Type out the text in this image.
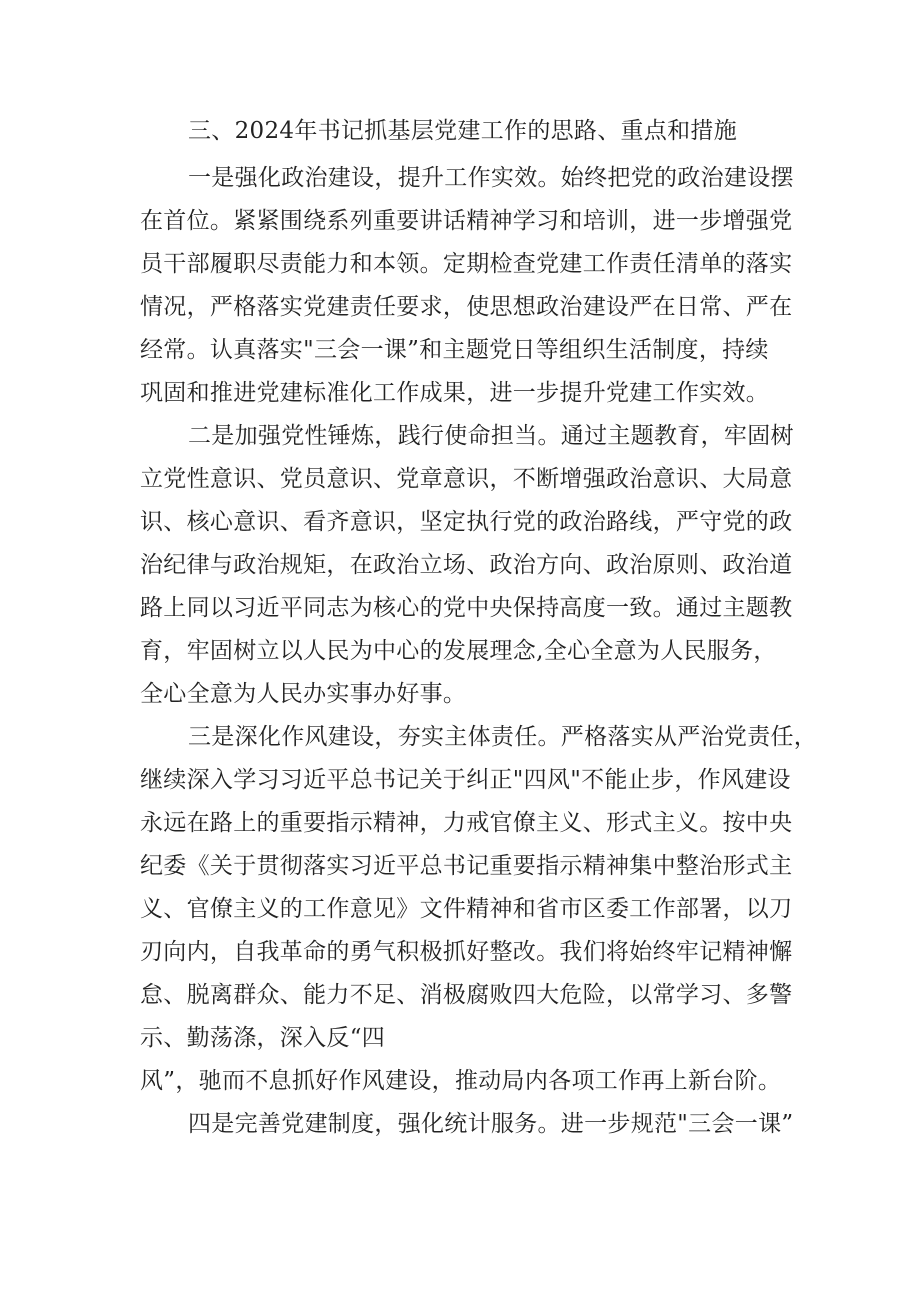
三、2024年书记抓基层党建工作的思路、重点和措施
一是强化政治建设，提升工作实效。始终把党的政治建设摆
在首位。紧紧围绕系列重要讲话精神学习和培训，进一步增强党
员干部履职尽责能力和本领。定期检查党建工作责任清单的落实
情况，严格落实党建责任要求，使思想政治建设严在日常、严在
经常。认真落实"三会一课”和主题党日等组织生活制度，持续
巩固和推进党建标准化工作成果，进一步提升党建工作实效。
二是加强党性锤炼，践行使命担当。通过主题教育，牢固树
立党性意识、党员意识、党章意识，不断增强政治意识、大局意
识、核心意识、看齐意识，坚定执行党的政治路线，严守党的政
治纪律与政治规矩，在政治立场、政治方向、政治原则、政治道
路上同以习近平同志为核心的党中央保持高度一致。通过主题教
育，牢固树立以人民为中心的发展理念,全心全意为人民服务，
全心全意为人民办实事办好事。
三是深化作风建设，夯实主体责任。严格落实从严治党责任，
继续深入学习习近平总书记关于纠正"四风"不能止步，作风建设
永远在路上的重要指示精神，力戒官僚主义、形式主义。按中央
纪委《关于贯彻落实习近平总书记重要指示精神集中整治形式主
义、官僚主义的工作意见》文件精神和省市区委工作部署，以刀
刃向内，自我革命的勇气积极抓好整改。我们将始终牢记精神懈
怠、脱离群众、能力不足、消极腐败四大危险，以常学习、多警
示、勤荡涤，深入反“四
风”，驰而不息抓好作风建设，推动局内各项工作再上新台阶。
四是完善党建制度，强化统计服务。进一步规范"三会一课”
